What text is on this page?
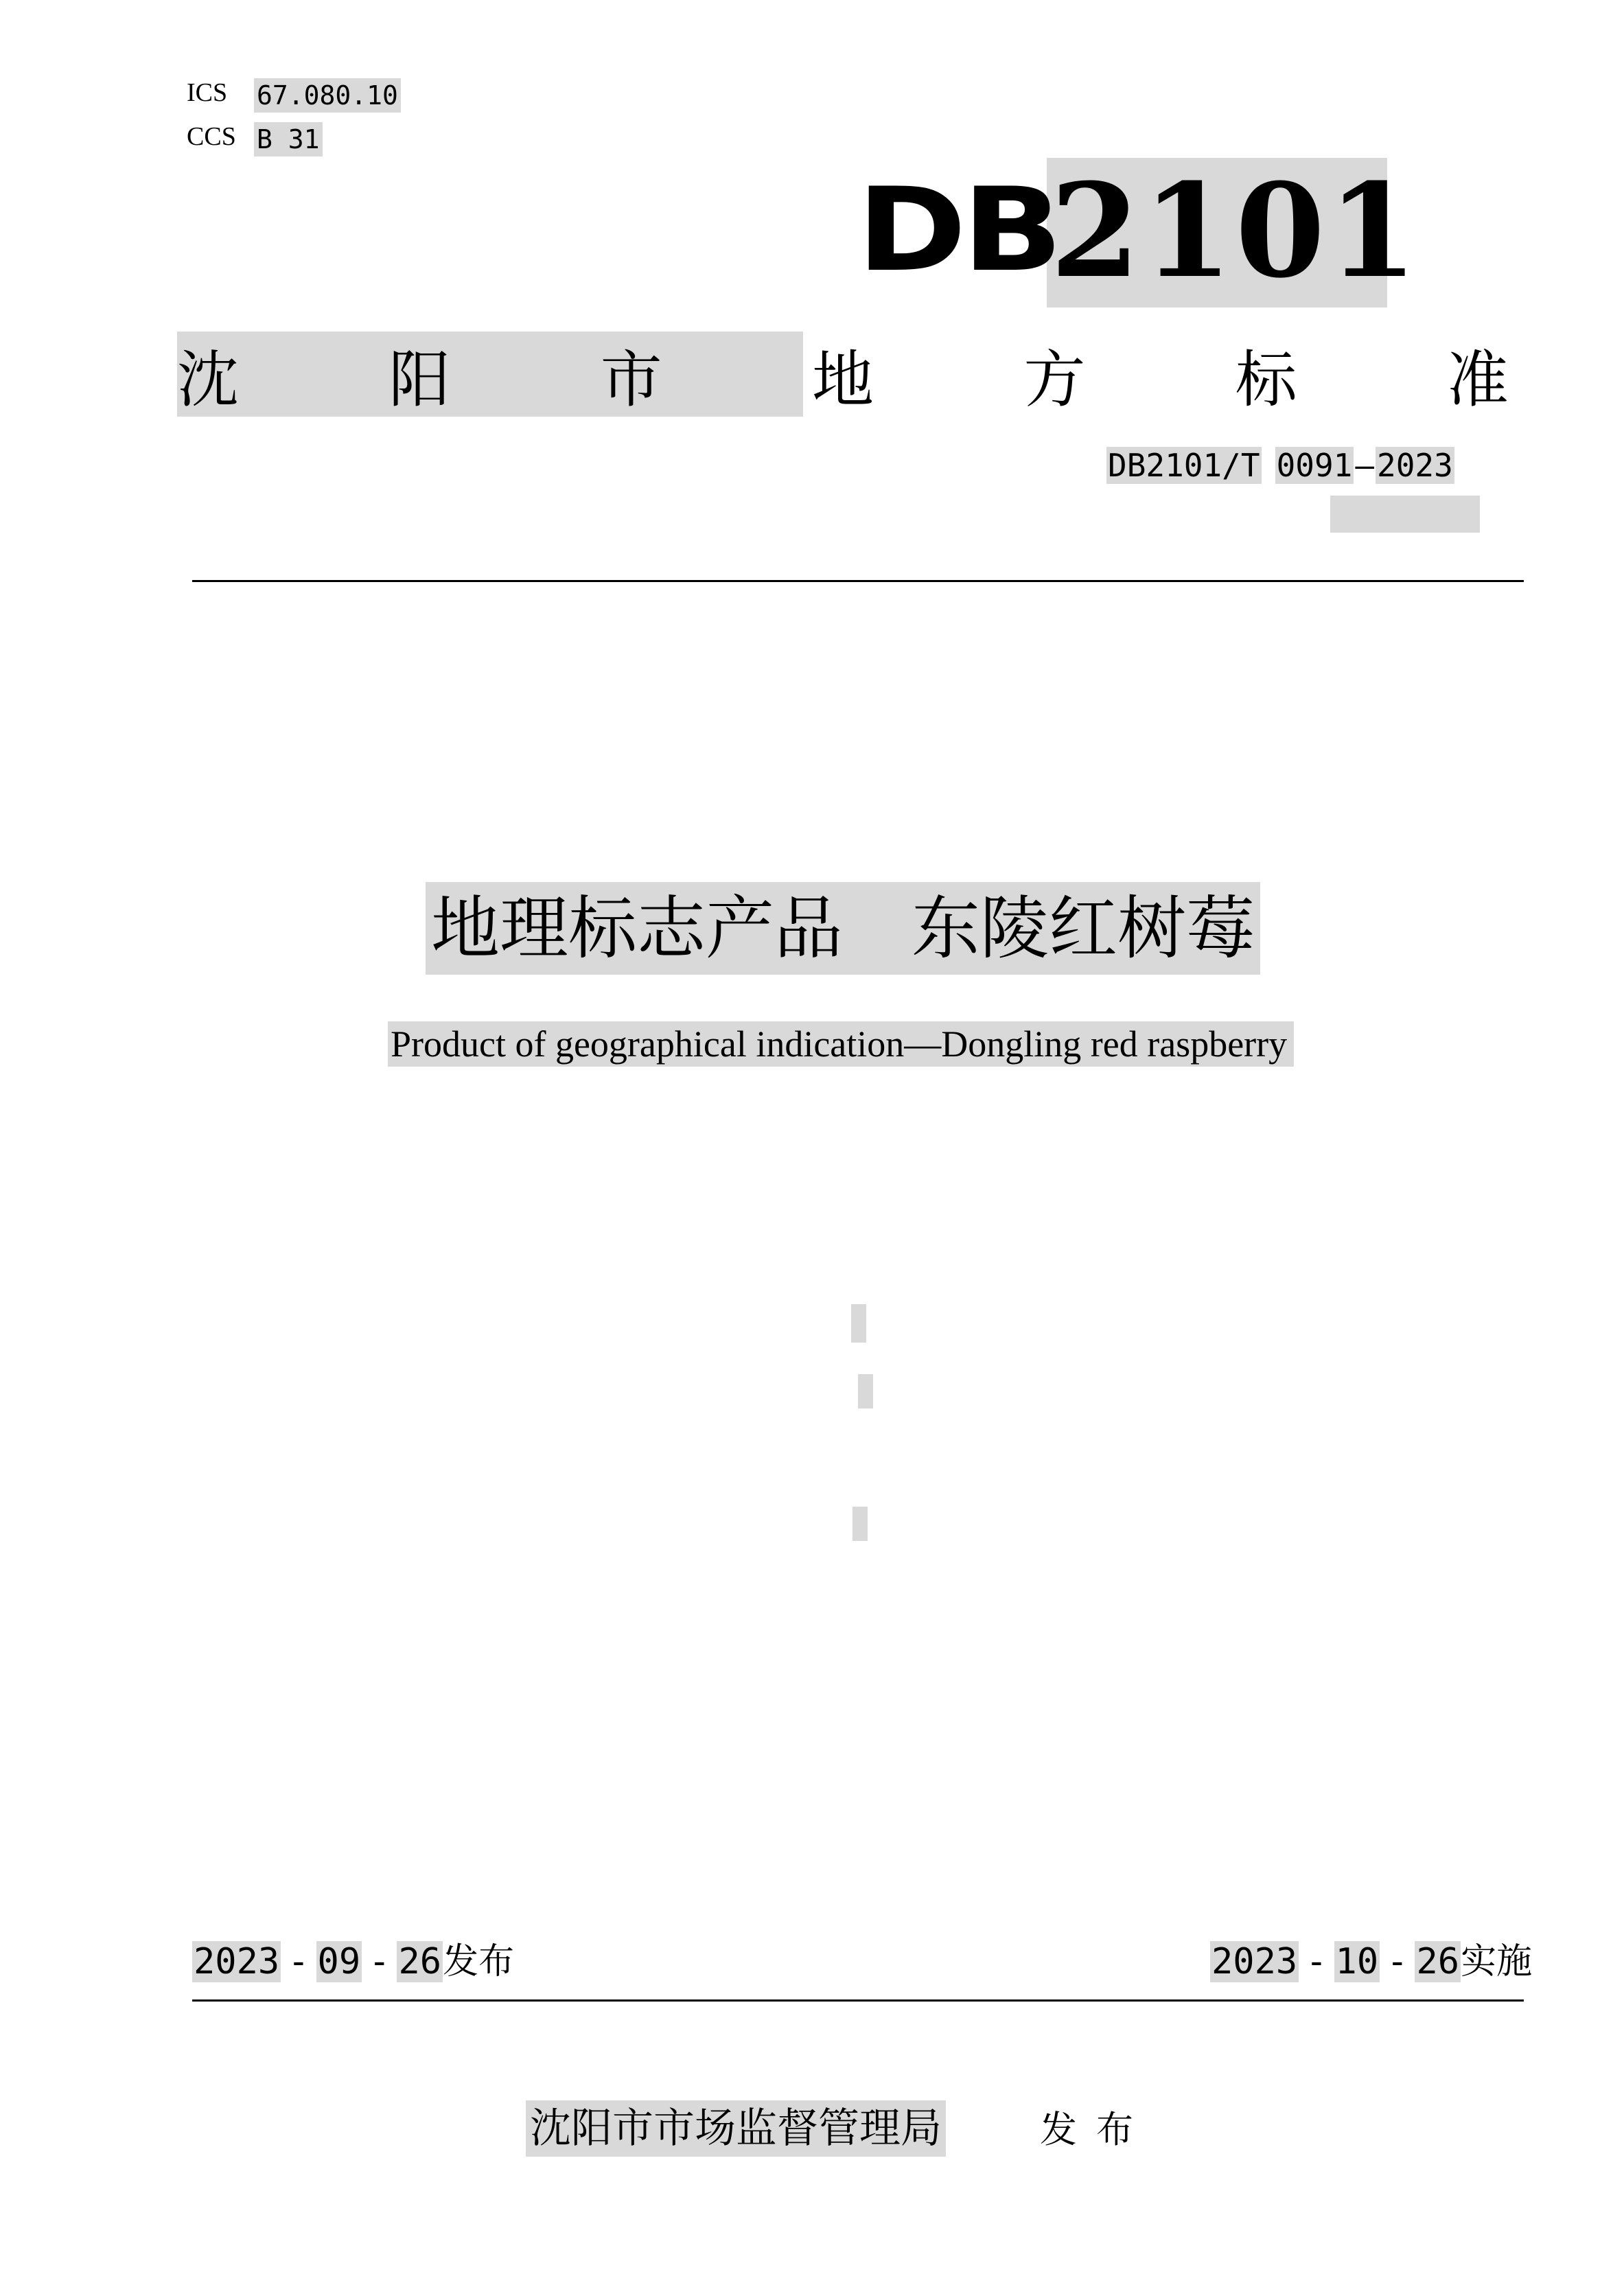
ICS 67.080.10
CCS B 31
DB
2101
沈 阳 市 地 方 标 准
DB2101/T 0091—2023
地理标志产品　东陵红树莓
Product of geographical indication—Dongling red raspberry
2023 - 09 - 26发布	2023 - 10 - 26实施
沈阳市市场监督管理局	发布
